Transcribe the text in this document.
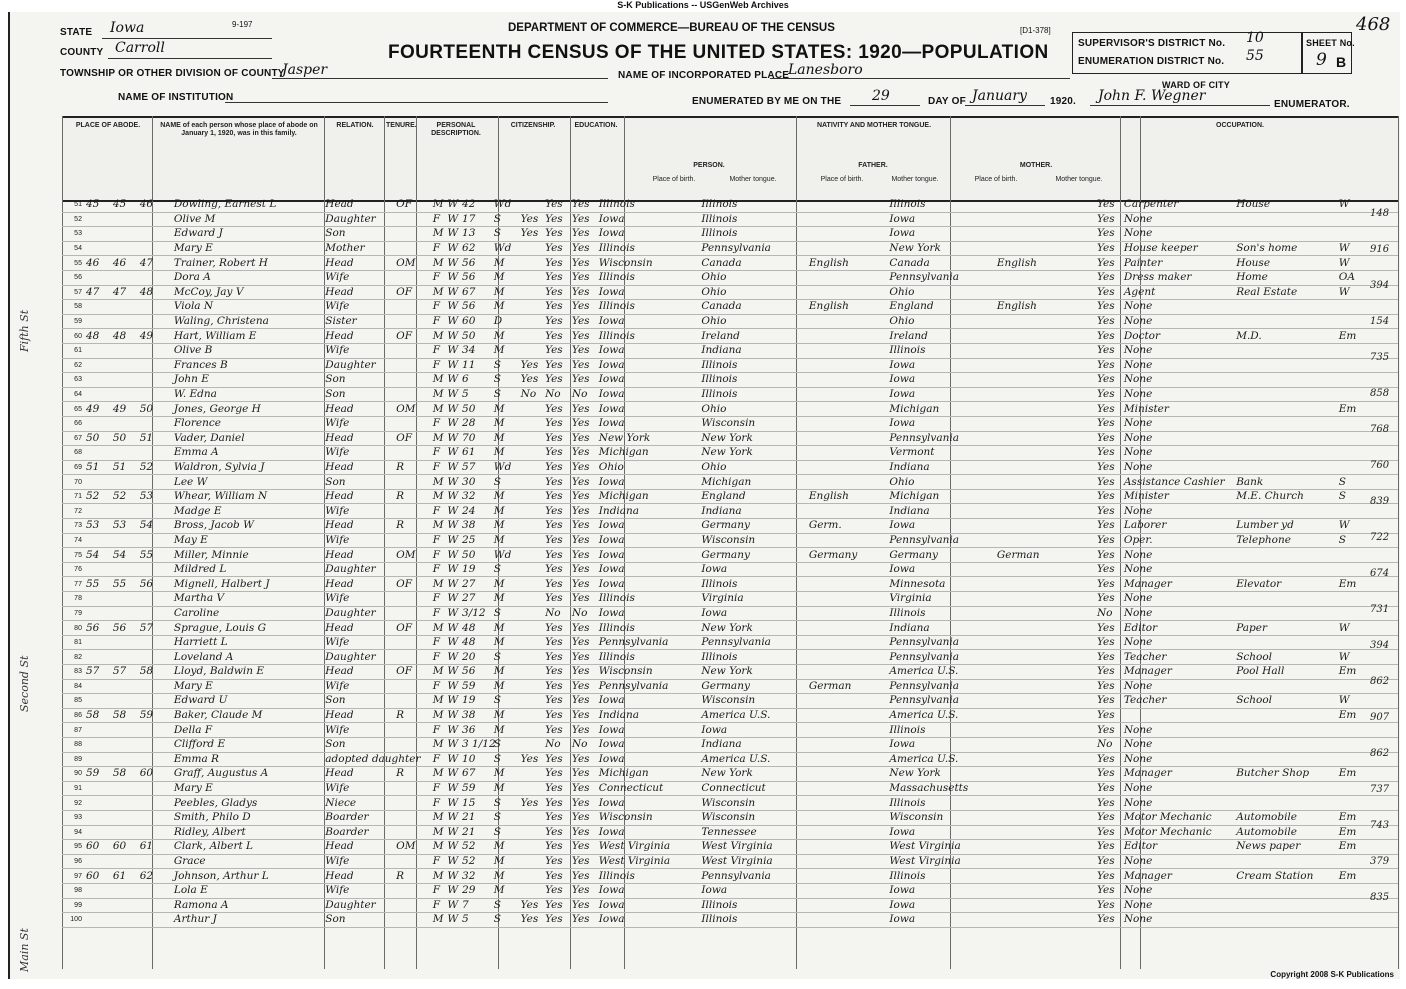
S-K Publications -- USGenWeb Archives
STATE Iowa
COUNTY Carroll
TOWNSHIP OR OTHER DIVISION OF COUNTY
Jasper
NAME OF INSTITUTION
9-197	DEPARTMENT OF COMMERCE—BUREAU OF THE CENSUS
FOURTEENTH CENSUS OF THE UNITED STATES: 1920—POPULATION
[D1-378]
NAME OF INCORPORATED PLACE
Lanesboro
ENUMERATED BY ME ON THE 29	DAY OF January 1920. John F. Wegner
ENUMERATOR.
SUPERVISOR'S DISTRICT No. 10
ENUMERATION DISTRICT No. 55
SHEET No.
9 B
468
WARD OF CITY
PLACE OF ABODE.	NAME of each person whose place of abode on January 1, 1920, was in this family.
RELATION.	TENURE.	PERSONAL DESCRIPTION.
CITIZENSHIP.	EDUCATION.	NATIVITY AND MOTHER TONGUE.
PERSON.	FATHER.	MOTHER.
OCCUPATION.
Place of birth.	Mother tongue.	Place of birth.	Mother tongue.	Place of birth.	Mother tongue.
51	45	45	46	Dowling, Earnest L	Head	OF	M	W	42	Wd		Yes	Yes	Illinois	Illinois		Illinois		Yes	Carpenter	House	W
52				Olive M	Daughter		F	W	17	S	Yes	Yes	Yes	Iowa	Illinois		Iowa		Yes	None		
53				Edward J	Son		M	W	13	S	Yes	Yes	Yes	Iowa	Illinois		Iowa		Yes	None		
54				Mary E	Mother		F	W	62	Wd		Yes	Yes	Illinois	Pennsylvania		New York		Yes	House keeper	Son's home	W
55	46	46	47	Trainer, Robert H	Head	OM	M	W	56	M		Yes	Yes	Wisconsin	Canada	English	Canada	English	Yes	Painter	House	W
56				Dora A	Wife		F	W	56	M		Yes	Yes	Illinois	Ohio		Pennsylvania		Yes	Dress maker	Home	OA
57	47	47	48	McCoy, Jay V	Head	OF	M	W	67	M		Yes	Yes	Iowa	Ohio		Ohio		Yes	Agent	Real Estate	W
58				Viola N	Wife		F	W	56	M		Yes	Yes	Illinois	Canada	English	England	English	Yes	None		
59				Waling, Christena	Sister		F	W	60	D		Yes	Yes	Iowa	Ohio		Ohio		Yes	None		
60	48	48	49	Hart, William E	Head	OF	M	W	50	M		Yes	Yes	Illinois	Ireland		Ireland		Yes	Doctor	M.D.	Em
61				Olive B	Wife		F	W	34	M		Yes	Yes	Iowa	Indiana		Illinois		Yes	None		
62				Frances B	Daughter		F	W	11	S	Yes	Yes	Yes	Iowa	Illinois		Iowa		Yes	None		
63				John E	Son		M	W	6	S	Yes	Yes	Yes	Iowa	Illinois		Iowa		Yes	None		
64				W. Edna	Son		M	W	5	S	No	No	No	Iowa	Illinois		Iowa		Yes	None		
65	49	49	50	Jones, George H	Head	OM	M	W	50	M		Yes	Yes	Iowa	Ohio		Michigan		Yes	Minister		Em
66				Florence	Wife		F	W	28	M		Yes	Yes	Iowa	Wisconsin		Iowa		Yes	None		
67	50	50	51	Vader, Daniel	Head	OF	M	W	70	M		Yes	Yes	New York	New York		Pennsylvania		Yes	None		
68				Emma A	Wife		F	W	61	M		Yes	Yes	Michigan	New York		Vermont		Yes	None		
69	51	51	52	Waldron, Sylvia J	Head	R	F	W	57	Wd		Yes	Yes	Ohio	Ohio		Indiana		Yes	None		
70				Lee W	Son		M	W	30	S		Yes	Yes	Iowa	Michigan		Ohio		Yes	Assistance Cashier	Bank	S
71	52	52	53	Whear, William N	Head	R	M	W	32	M		Yes	Yes	Michigan	England	English	Michigan		Yes	Minister	M.E. Church	S
72				Madge E	Wife		F	W	24	M		Yes	Yes	Indiana	Indiana		Indiana		Yes	None		
73	53	53	54	Bross, Jacob W	Head	R	M	W	38	M		Yes	Yes	Iowa	Germany	Germ.	Iowa		Yes	Laborer	Lumber yd	W
74				May E	Wife		F	W	25	M		Yes	Yes	Iowa	Wisconsin		Pennsylvania		Yes	Oper.	Telephone	S
75	54	54	55	Miller, Minnie	Head	OM	F	W	50	Wd		Yes	Yes	Iowa	Germany	Germany	Germany	German	Yes	None		
76				Mildred L	Daughter		F	W	19	S		Yes	Yes	Iowa	Iowa		Iowa		Yes	None		
77	55	55	56	Mignell, Halbert J	Head	OF	M	W	27	M		Yes	Yes	Iowa	Illinois		Minnesota		Yes	Manager	Elevator	Em
78				Martha V	Wife		F	W	27	M		Yes	Yes	Illinois	Virginia		Virginia		Yes	None		
79				Caroline	Daughter		F	W	3/12	S		No	No	Iowa	Iowa		Illinois		No	None		
80	56	56	57	Sprague, Louis G	Head	OF	M	W	48	M		Yes	Yes	Illinois	New York		Indiana		Yes	Editor	Paper	W
81				Harriett L	Wife		F	W	48	M		Yes	Yes	Pennsylvania	Pennsylvania		Pennsylvania		Yes	None		
82				Loveland A	Daughter		F	W	20	S		Yes	Yes	Illinois	Illinois		Pennsylvania		Yes	Teacher	School	W
83	57	57	58	Lloyd, Baldwin E	Head	OF	M	W	56	M		Yes	Yes	Wisconsin	New York		America U.S.		Yes	Manager	Pool Hall	Em
84				Mary E	Wife		F	W	59	M		Yes	Yes	Pennsylvania	Germany	German	Pennsylvania		Yes	None		
85				Edward U	Son		M	W	19	S		Yes	Yes	Iowa	Wisconsin		Pennsylvania		Yes	Teacher	School	W
86	58	58	59	Baker, Claude M	Head	R	M	W	38	M		Yes	Yes	Indiana	America U.S.		America U.S.		Yes			Em
87				Della F	Wife		F	W	36	M		Yes	Yes	Iowa	Iowa		Illinois		Yes	None		
88				Clifford E	Son		M	W	3 1/12	S		No	No	Iowa	Indiana		Iowa		No	None		
89				Emma R	adopted daughter		F	W	10	S	Yes	Yes	Yes	Iowa	America U.S.		America U.S.		Yes	None		
90	59	58	60	Graff, Augustus A	Head	R	M	W	67	M		Yes	Yes	Michigan	New York		New York		Yes	Manager	Butcher Shop	Em
91				Mary E	Wife		F	W	59	M		Yes	Yes	Connecticut	Connecticut		Massachusetts		Yes	None		
92				Peebles, Gladys	Niece		F	W	15	S	Yes	Yes	Yes	Iowa	Wisconsin		Illinois		Yes	None		
93				Smith, Philo D	Boarder		M	W	21	S		Yes	Yes	Wisconsin	Wisconsin		Wisconsin		Yes	Motor Mechanic	Automobile	Em
94				Ridley, Albert	Boarder		M	W	21	S		Yes	Yes	Iowa	Tennessee		Iowa		Yes	Motor Mechanic	Automobile	Em
95	60	60	61	Clark, Albert L	Head	OM	M	W	52	M		Yes	Yes	West Virginia	West Virginia		West Virginia		Yes	Editor	News paper	Em
96				Grace	Wife		F	W	52	M		Yes	Yes	West Virginia	West Virginia		West Virginia		Yes	None		
97	60	61	62	Johnson, Arthur L	Head	R	M	W	32	M		Yes	Yes	Illinois	Pennsylvania		Illinois		Yes	Manager	Cream Station	Em
98				Lola E	Wife		F	W	29	M		Yes	Yes	Iowa	Iowa		Iowa		Yes	None		
99				Ramona A	Daughter		F	W	7	S	Yes	Yes	Yes	Iowa	Illinois		Iowa		Yes	None		
100				Arthur J	Son		M	W	5	S	Yes	Yes	Yes	Iowa	Illinois		Iowa		Yes	None		
148
916
394
154
735
858
768
760
839
722
674
731
394
862
907
862
737
743
379
835
Fifth St
Second St
Main St
Copyright 2008 S-K Publications
